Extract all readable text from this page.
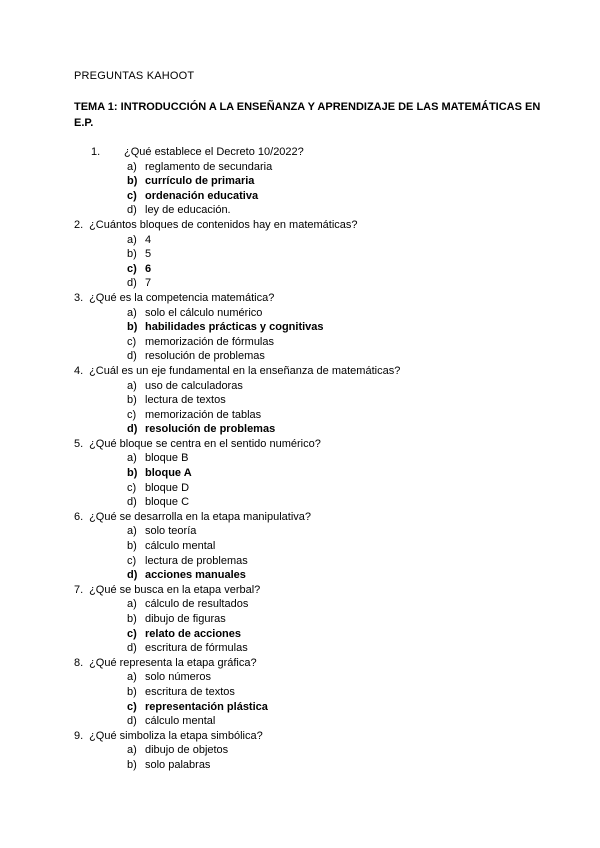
PREGUNTAS KAHOOT
TEMA 1: INTRODUCCIÓN A LA ENSEÑANZA Y APRENDIZAJE DE LAS MATEMÁTICAS EN E.P.
1. ¿Qué establece el Decreto 10/2022?
a) reglamento de secundaria
b) currículo de primaria
c) ordenación educativa
d) ley de educación.
2. ¿Cuántos bloques de contenidos hay en matemáticas?
a) 4
b) 5
c) 6
d) 7
3. ¿Qué es la competencia matemática?
a) solo el cálculo numérico
b) habilidades prácticas y cognitivas
c) memorización de fórmulas
d) resolución de problemas
4. ¿Cuál es un eje fundamental en la enseñanza de matemáticas?
a) uso de calculadoras
b) lectura de textos
c) memorización de tablas
d) resolución de problemas
5. ¿Qué bloque se centra en el sentido numérico?
a) bloque B
b) bloque A
c) bloque D
d) bloque C
6. ¿Qué se desarrolla en la etapa manipulativa?
a) solo teoría
b) cálculo mental
c) lectura de problemas
d) acciones manuales
7. ¿Qué se busca en la etapa verbal?
a) cálculo de resultados
b) dibujo de figuras
c) relato de acciones
d) escritura de fórmulas
8. ¿Qué representa la etapa gráfica?
a) solo números
b) escritura de textos
c) representación plástica
d) cálculo mental
9. ¿Qué simboliza la etapa simbólica?
a) dibujo de objetos
b) solo palabras
